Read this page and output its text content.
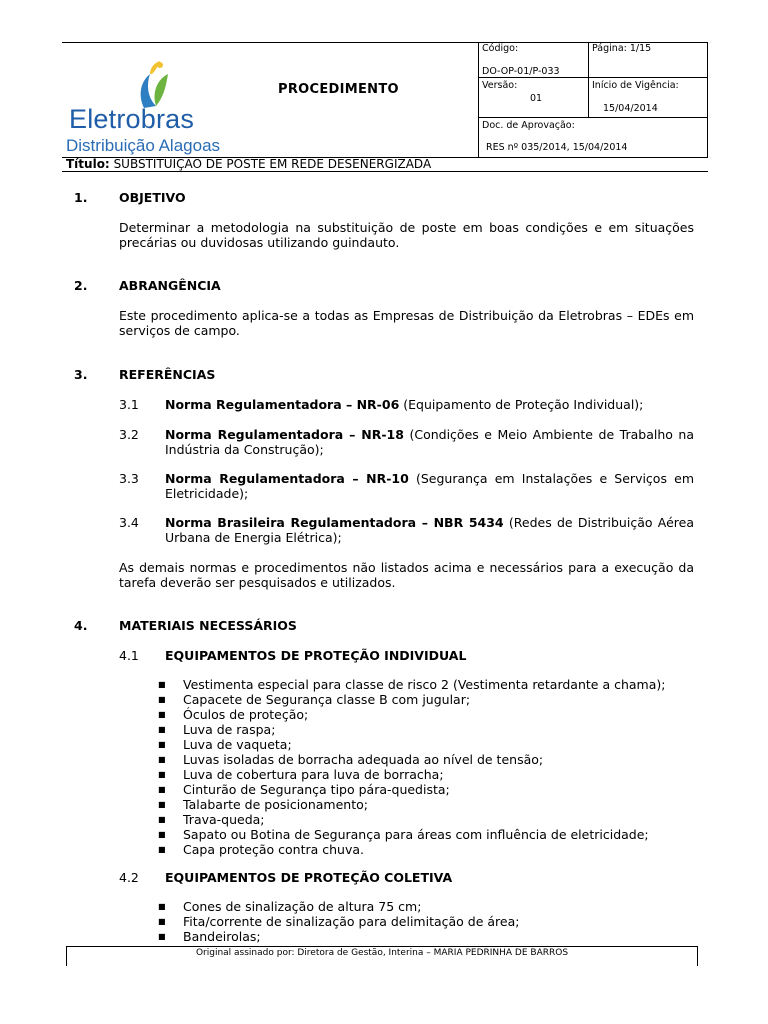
Eletrobras
Distribuição Alagoas
PROCEDIMENTO
Código:
DO-OP-01/P-033
Página: 1/15
Versão:
01
Início de Vigência:
15/04/2014
Doc. de Aprovação:
RES nº 035/2014, 15/04/2014
Título: SUBSTITUIÇAO DE POSTE EM REDE DESENERGIZADA
1.	OBJETIVO
Determinar a metodologia na substituição de poste em boas condições e em situações precárias ou duvidosas utilizando guindauto.
2.	ABRANGÊNCIA
Este procedimento aplica-se a todas as Empresas de Distribuição da Eletrobras – EDEs em serviços de campo.
3.	REFERÊNCIAS
3.1 Norma Regulamentadora – NR-06 (Equipamento de Proteção Individual);
3.2 Norma Regulamentadora – NR-18 (Condições e Meio Ambiente de Trabalho na Indústria da Construção);
3.3 Norma Regulamentadora – NR-10 (Segurança em Instalações e Serviços em Eletricidade);
3.4 Norma Brasileira Regulamentadora – NBR 5434 (Redes de Distribuição Aérea Urbana de Energia Elétrica);
As demais normas e procedimentos não listados acima e necessários para a execução da tarefa deverão ser pesquisados e utilizados.
4.	MATERIAIS NECESSÁRIOS
4.1 EQUIPAMENTOS DE PROTEÇÃO INDIVIDUAL
■ Vestimenta especial para classe de risco 2 (Vestimenta retardante a chama);
■ Capacete de Segurança classe B com jugular;
■ Óculos de proteção;
■ Luva de raspa;
■ Luva de vaqueta;
■ Luvas isoladas de borracha adequada ao nível de tensão;
■ Luva de cobertura para luva de borracha;
■ Cinturão de Segurança tipo pára-quedista;
■ Talabarte de posicionamento;
■ Trava-queda;
■ Sapato ou Botina de Segurança para áreas com influência de eletricidade;
■ Capa proteção contra chuva.
4.2 EQUIPAMENTOS DE PROTEÇÃO COLETIVA
■ Cones de sinalização de altura 75 cm;
■ Fita/corrente de sinalização para delimitação de área;
■ Bandeirolas;
Original assinado por: Diretora de Gestão, Interina – MARIA PEDRINHA DE BARROS
